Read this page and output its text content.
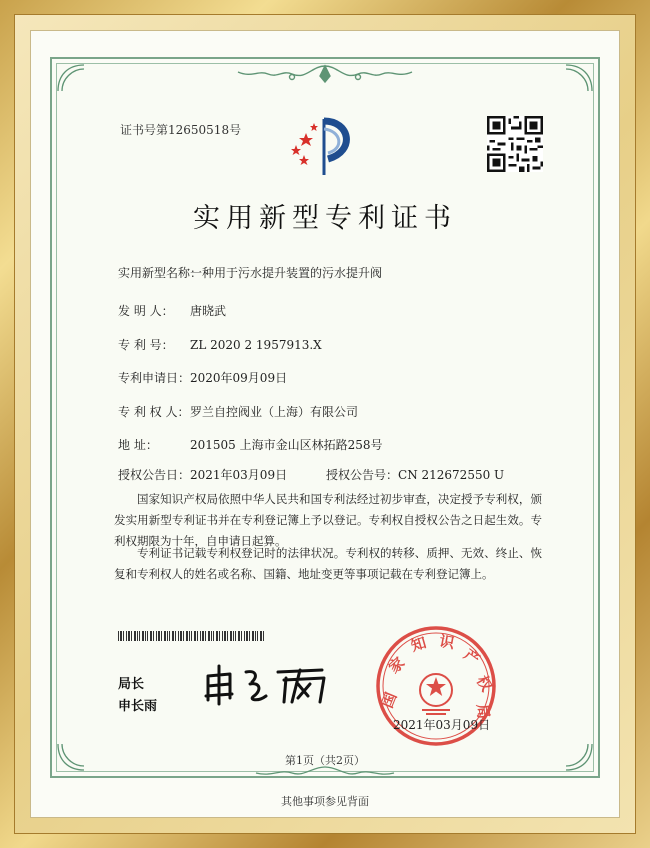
证书号第12650518号
实用新型专利证书
实用新型名称：一种用于污水提升装置的污水提升阀
发 明 人： 唐晓武
专 利 号： ZL 2020 2 1957913.X
专利申请日：2020年09月09日
专 利 权 人：罗兰自控阀业（上海）有限公司
地 址：	201505 上海市金山区林拓路258号
授权公告日：2021年03月09日	授权公告号：CN 212672550 U
国家知识产权局依照中华人民共和国专利法经过初步审查，决定授予专利权，颁发实用新型专利证书并在专利登记簿上予以登记。专利权自授权公告之日起生效。专利权期限为十年，自申请日起算。
专利证书记载专利权登记时的法律状况。专利权的转移、质押、无效、终止、恢复和专利权人的姓名或名称、国籍、地址变更等事项记载在专利登记簿上。
局长
申长雨	国
家
知 识
产
权
局
2021年03月09日
第1页（共2页）
其他事项参见背面
